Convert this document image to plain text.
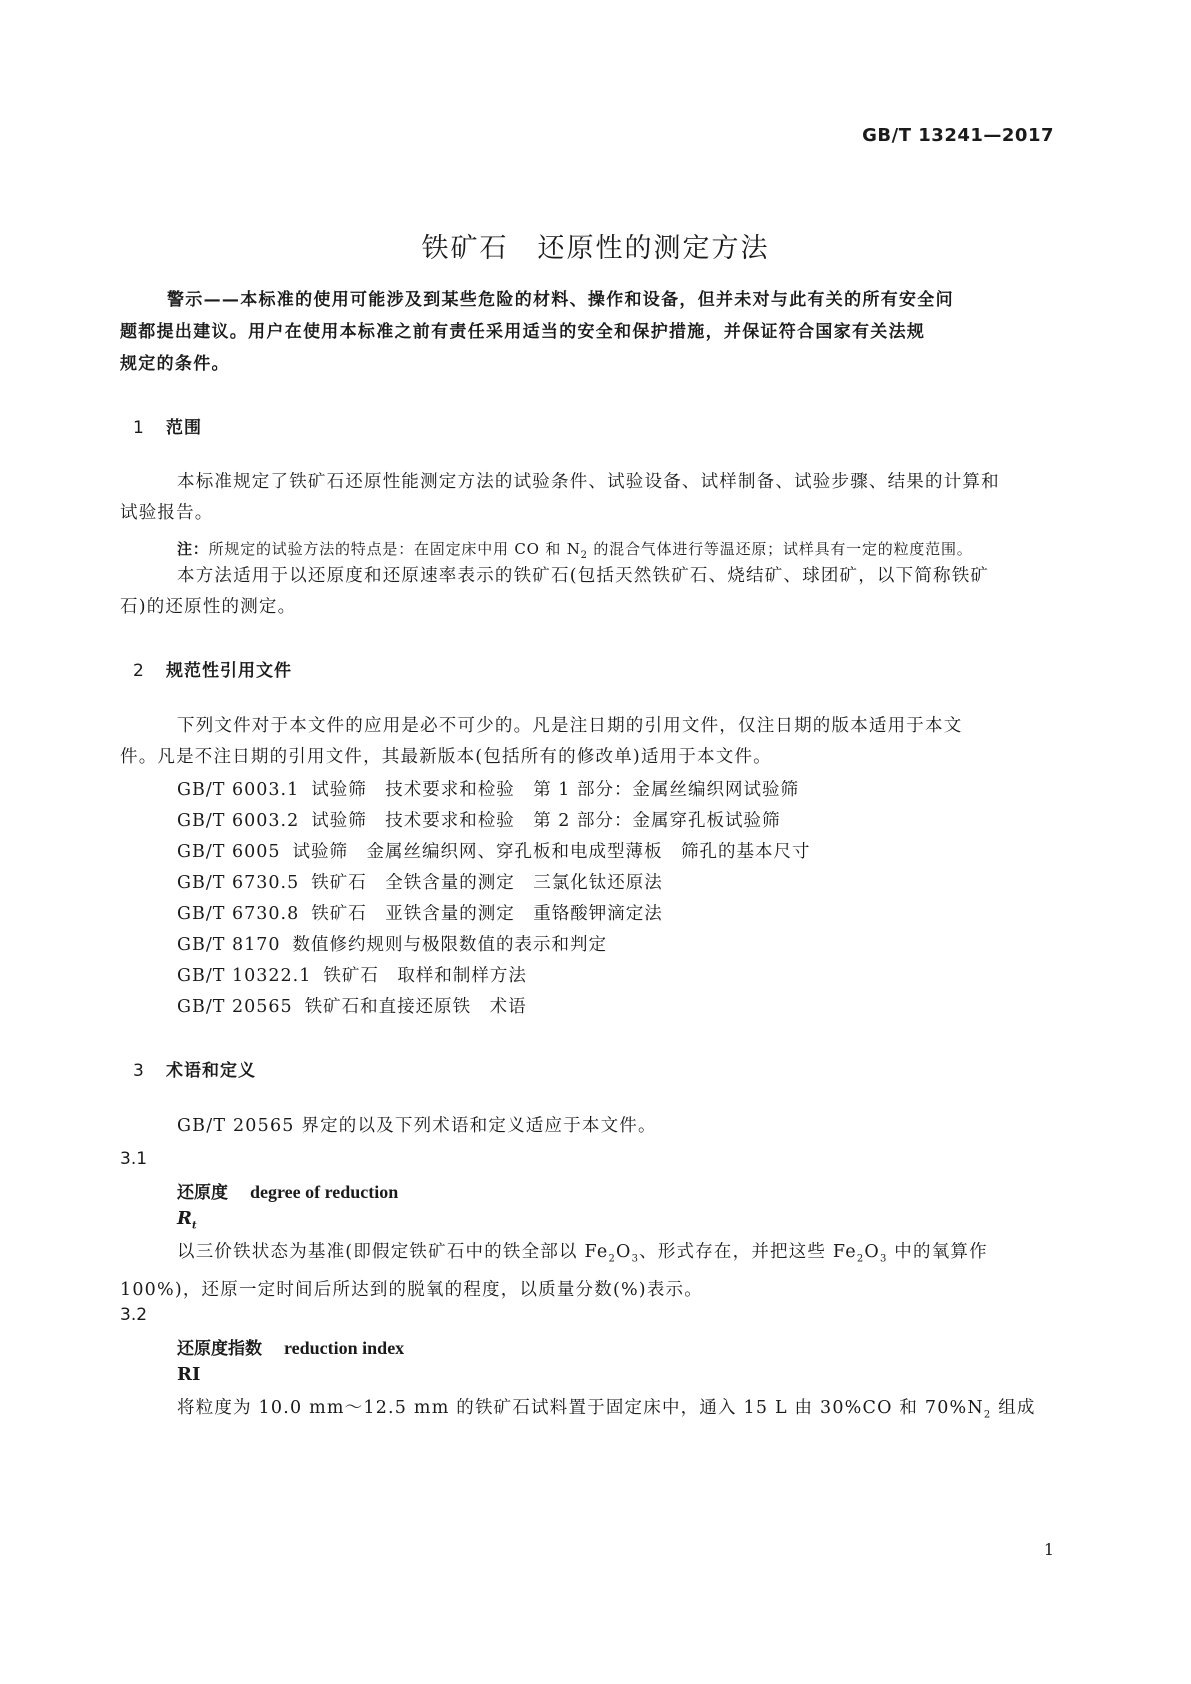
GB/T 13241—2017
铁矿石　还原性的测定方法

警示——本标准的使用可能涉及到某些危险的材料、操作和设备，但并未对与此有关的所有安全问

题都提出建议。用户在使用本标准之前有责任采用适当的安全和保护措施，并保证符合国家有关法规

规定的条件。

1 范围

本标准规定了铁矿石还原性能测定方法的试验条件、试验设备、试样制备、试验步骤、结果的计算和

试验报告。

注：所规定的试验方法的特点是：在固定床中用 CO 和 $N_2$ 的混合气体进行等温还原；试样具有一定的粒度范围。

本方法适用于以还原度和还原速率表示的铁矿石(包括天然铁矿石、烧结矿、球团矿，以下简称铁矿

石)的还原性的测定。

2 规范性引用文件

下列文件对于本文件的应用是必不可少的。凡是注日期的引用文件，仅注日期的版本适用于本文

件。凡是不注日期的引用文件，其最新版本(包括所有的修改单)适用于本文件。

GB/T 6003.1 试验筛　技术要求和检验　第 1 部分：金属丝编织网试验筛
GB/T 6003.2 试验筛　技术要求和检验　第 2 部分：金属穿孔板试验筛
GB/T 6005 试验筛　金属丝编织网、穿孔板和电成型薄板　筛孔的基本尺寸
GB/T 6730.5 铁矿石　全铁含量的测定　三氯化钛还原法
GB/T 6730.8 铁矿石　亚铁含量的测定　重铬酸钾滴定法
GB/T 8170 数值修约规则与极限数值的表示和判定
GB/T 10322.1 铁矿石　取样和制样方法
GB/T 20565 铁矿石和直接还原铁　术语
3 术语和定义

GB/T 20565 界定的以及下列术语和定义适应于本文件。

3.1
还原度 degree of reduction
$R_t$

以三价铁状态为基准(即假定铁矿石中的铁全部以 $Fe_2O_3$、形式存在，并把这些 $Fe_2O_3$ 中的氧算作

100%)，还原一定时间后所达到的脱氧的程度，以质量分数(%)表示。

3.2
还原度指数 reduction index
RI

将粒度为 10.0 mm～12.5 mm 的铁矿石试料置于固定床中，通入 15 L 由 30%CO 和 $70\%N_2$ 组成

1
